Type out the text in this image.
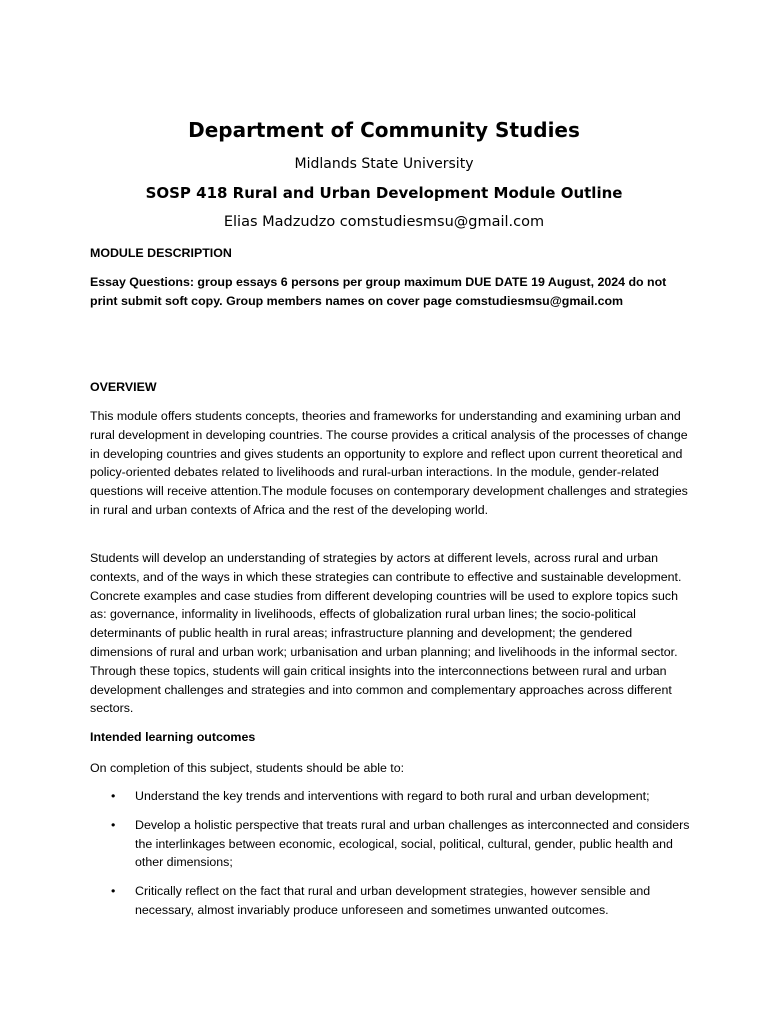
Department of Community Studies

Midlands State University

SOSP 418 Rural and Urban Development Module Outline

Elias Madzudzo comstudiesmsu@gmail.com

MODULE DESCRIPTION

Essay Questions: group essays 6 persons per group maximum DUE DATE 19 August, 2024 do not print submit soft copy. Group members names on cover page comstudiesmsu@gmail.com

OVERVIEW

This module offers students concepts, theories and frameworks for understanding and examining urban and rural development in developing countries. The course provides a critical analysis of the processes of change in developing countries and gives students an opportunity to explore and reflect upon current theoretical and policy-oriented debates related to livelihoods and rural-urban interactions. In the module, gender-related questions will receive attention.The module focuses on contemporary development challenges and strategies in rural and urban contexts of Africa and the rest of the developing world.

Students will develop an understanding of strategies by actors at different levels, across rural and urban contexts, and of the ways in which these strategies can contribute to effective and sustainable development. Concrete examples and case studies from different developing countries will be used to explore topics such as: governance, informality in livelihoods, effects of globalization rural urban lines; the socio-political determinants of public health in rural areas; infrastructure planning and development; the gendered dimensions of rural and urban work; urbanisation and urban planning; and livelihoods in the informal sector. Through these topics, students will gain critical insights into the interconnections between rural and urban development challenges and strategies and into common and complementary approaches across different sectors.

Intended learning outcomes

On completion of this subject, students should be able to:

• Understand the key trends and interventions with regard to both rural and urban development;
• Develop a holistic perspective that treats rural and urban challenges as interconnected and considers the interlinkages between economic, ecological, social, political, cultural, gender, public health and other dimensions;
• Critically reflect on the fact that rural and urban development strategies, however sensible and necessary, almost invariably produce unforeseen and sometimes unwanted outcomes.
